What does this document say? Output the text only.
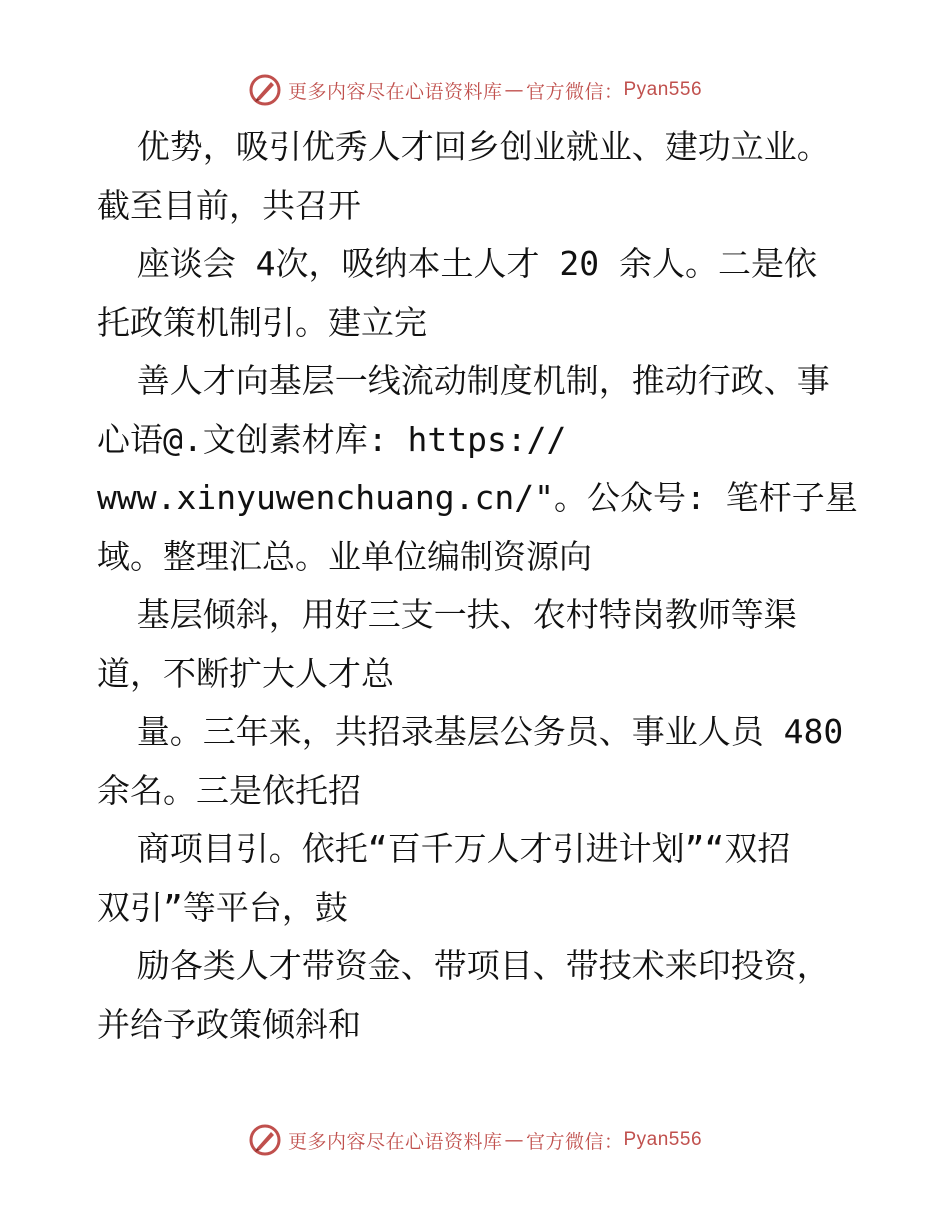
更多内容尽在心语资料库 — 官方微信： Pyan556
优势，吸引优秀人才回乡创业就业、建功立业。
截至目前，共召开
座谈会 4次，吸纳本土人才 20 余人。二是依
托政策机制引。建立完
善人才向基层一线流动制度机制，推动行政、事
心语@.文创素材库: https://
www.xinyuwenchuang.cn/"。公众号: 笔杆子星
域。整理汇总。业单位编制资源向
基层倾斜，用好三支一扶、农村特岗教师等渠
道，不断扩大人才总
量。三年来，共招录基层公务员、事业人员 480
余名。三是依托招
商项目引。依托“百千万人才引进计划”“双招
双引”等平台，鼓
励各类人才带资金、带项目、带技术来印投资，
并给予政策倾斜和
更多内容尽在心语资料库 — 官方微信： Pyan556
